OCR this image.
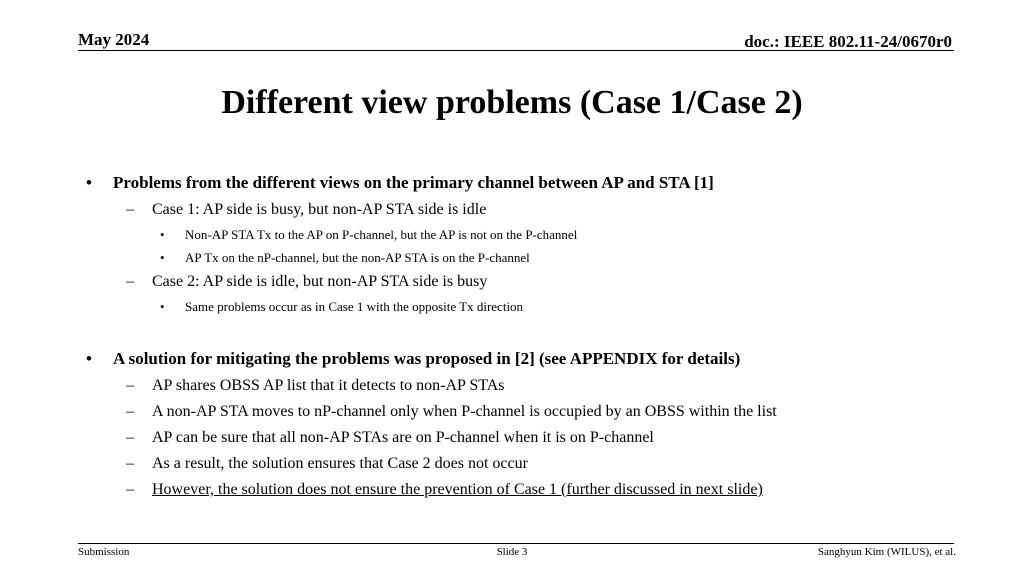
May 2024	doc.: IEEE 802.11-24/0670r0
Different view problems (Case 1/Case 2)
• Problems from the different views on the primary channel between AP and STA [1]
– Case 1: AP side is busy, but non-AP STA side is idle
• Non-AP STA Tx to the AP on P-channel, but the AP is not on the P-channel
• AP Tx on the nP-channel, but the non-AP STA is on the P-channel
– Case 2: AP side is idle, but non-AP STA side is busy
• Same problems occur as in Case 1 with the opposite Tx direction
• A solution for mitigating the problems was proposed in [2] (see APPENDIX for details)
– AP shares OBSS AP list that it detects to non-AP STAs
– A non-AP STA moves to nP-channel only when P-channel is occupied by an OBSS within the list
– AP can be sure that all non-AP STAs are on P-channel when it is on P-channel
– As a result, the solution ensures that Case 2 does not occur
– However, the solution does not ensure the prevention of Case 1 (further discussed in next slide)
Submission	Slide 3	Sanghyun Kim (WILUS), et al.
